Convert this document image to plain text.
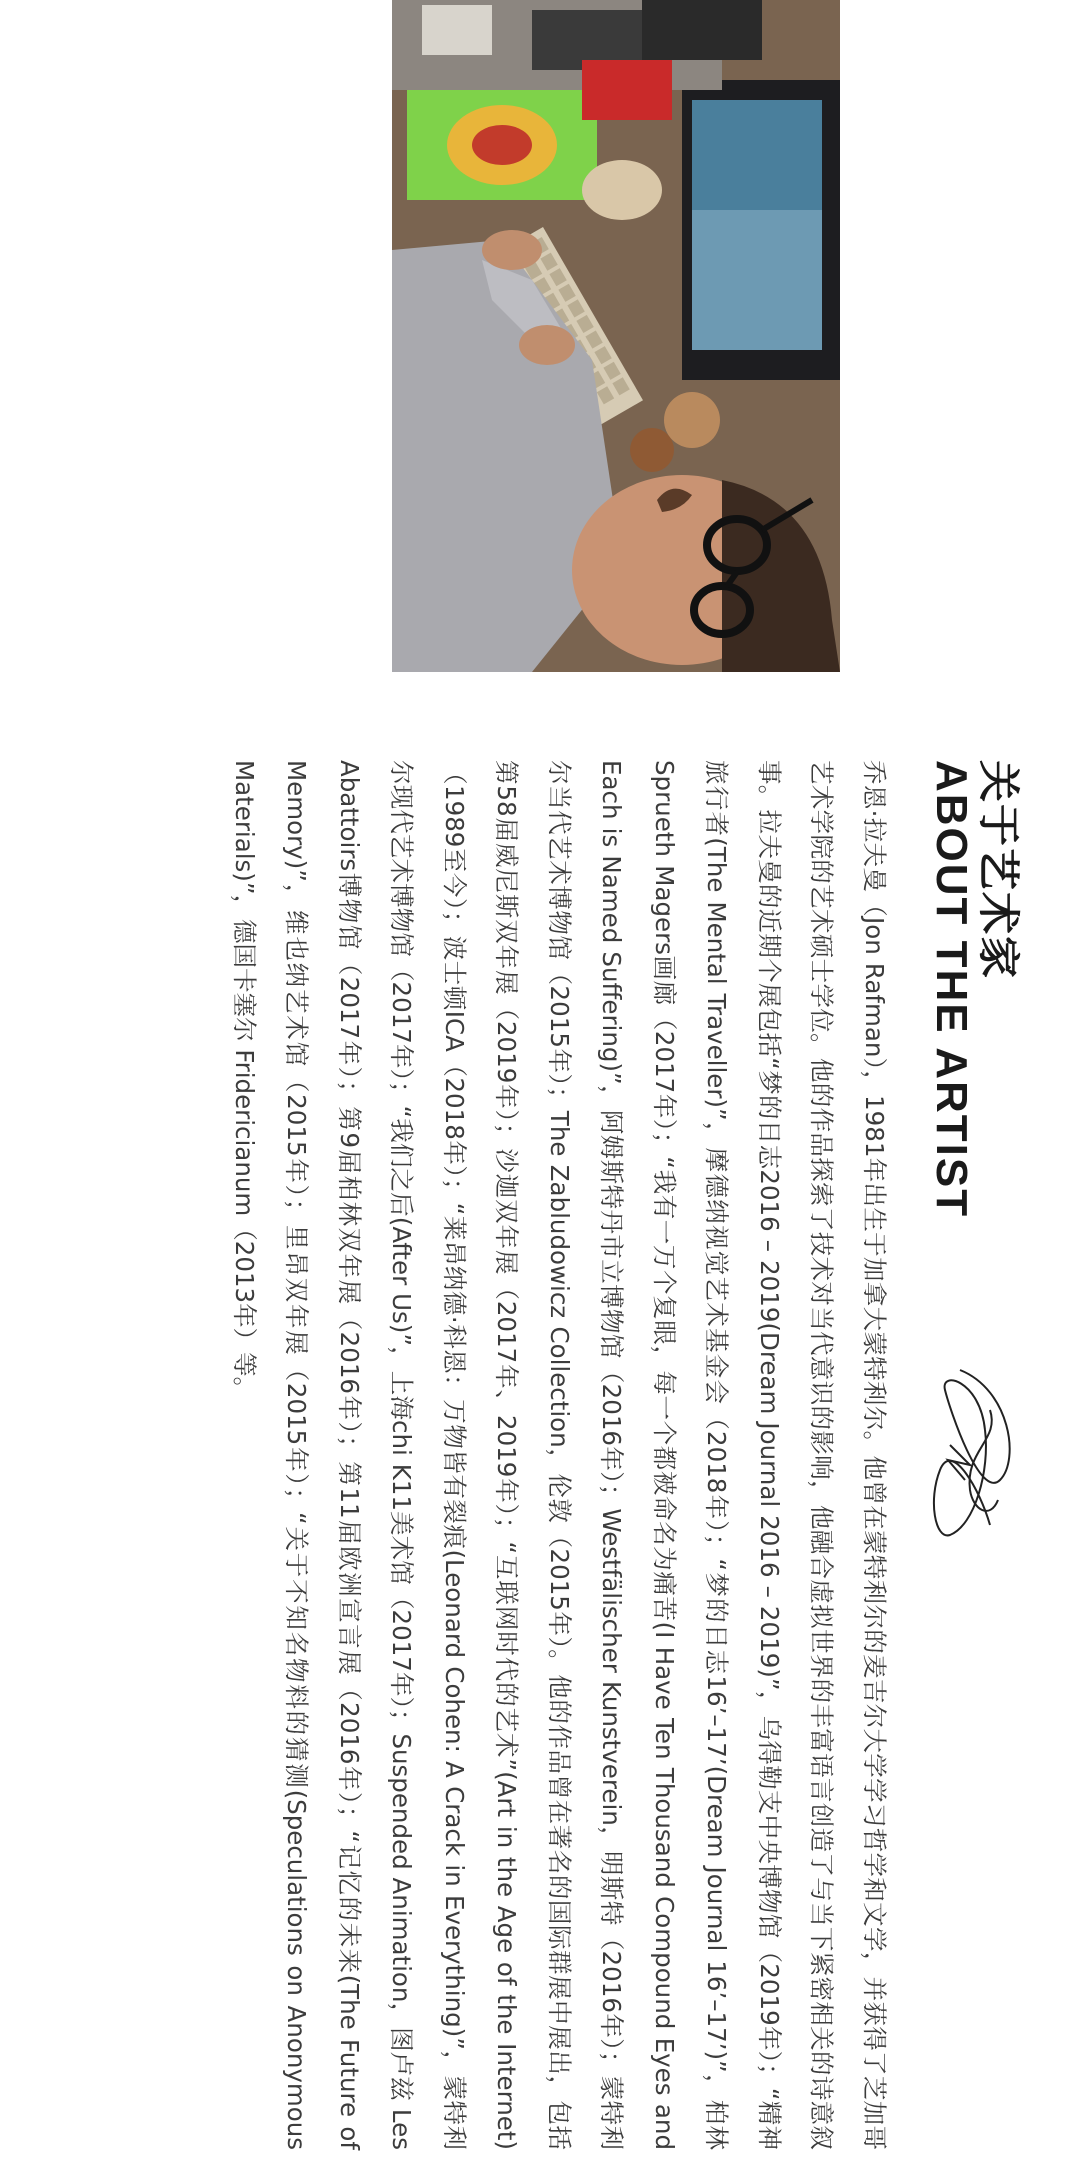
关于艺术家
ABOUT THE ARTIST

乔恩·拉夫曼（Jon Rafman），1981年出生于加拿大蒙特利尔。他曾在蒙特利尔的麦吉尔大学学习哲学和文学，并获得了芝加哥艺术学院的艺术硕士学位。他的作品探索了技术对当代意识的影响，他融合虚拟世界的丰富语言创造了与当下紧密相关的诗意叙事。拉夫曼的近期个展包括“梦的日志2016 – 2019(Dream Journal 2016 – 2019)”，乌得勒支中央博物馆（2019年）；“精神旅行者(The Mental Traveller)”，摩德纳视觉艺术基金会（2018年）；“梦的日志16’–17’(Dream Journal 16’–17’)”，柏林Sprueth Magers画廊（2017年）；“我有一万个复眼，每一个都被命名为痛苦(I Have Ten Thousand Compound Eyes and Each is Named Suffering)”，阿姆斯特丹市立博物馆（2016年）；Westfälischer Kunstverein，明斯特（2016年）；蒙特利尔当代艺术博物馆（2015年）；The Zabludowicz Collection，伦敦（2015年）。他的作品曾在著名的国际群展中展出，包括第58届威尼斯双年展（2019年）；沙迦双年展（2017年、2019年）；“互联网时代的艺术”(Art in the Age of the Internet)（1989至今）；波士顿ICA（2018年）；“莱昂纳德·科恩：万物皆有裂痕(Leonard Cohen: A Crack in Everything)”，蒙特利尔现代艺术博物馆（2017年）；“我们之后(After Us)”，上海chi K11美术馆（2017年）；Suspended Animation，图卢兹 Les Abattoirs博物馆（2017年）；第9届柏林双年展（2016年）；第11届欧洲宣言展（2016年）；“记忆的未来(The Future of Memory)”，维也纳艺术馆（2015年）；里昂双年展（2015年）；“关于不知名物料的猜测(Speculations on Anonymous Materials)”，德国卡塞尔 Fridericianum（2013年）等。
